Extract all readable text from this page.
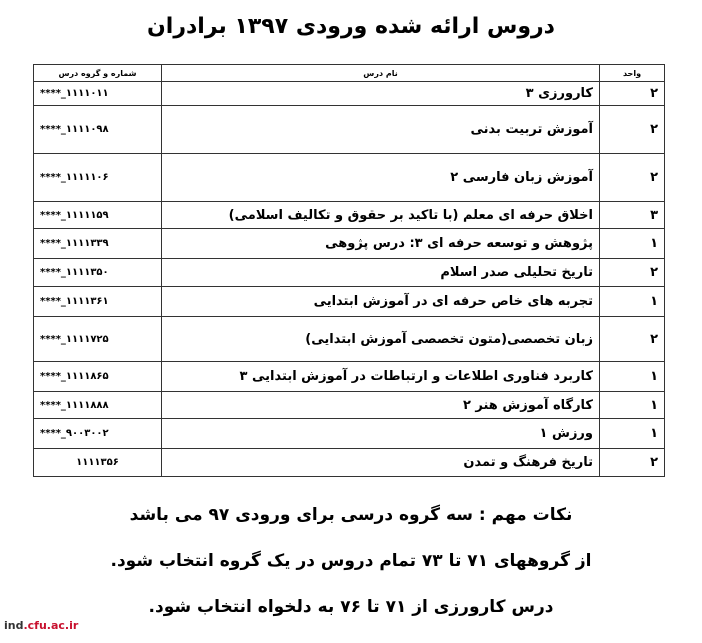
دروس ارائه شده ورودی ۱۳۹۷ برادران
واحد	نام درس	شماره و گروه درس
۲	کارورزی ۳	****_۱۱۱۱۰۱۱
۲	آموزش تربیت بدنی	****_۱۱۱۱۰۹۸
۲	آموزش زبان فارسی ۲	****_۱۱۱۱۱۰۶
۳	اخلاق حرفه ای معلم (با تاکید بر حقوق و تکالیف اسلامی)	****_۱۱۱۱۱۵۹
۱	پژوهش و توسعه حرفه ای ۳: درس پژوهی	****_۱۱۱۱۳۳۹
۲	تاریخ تحلیلی صدر اسلام	****_۱۱۱۱۳۵۰
۱	تجربه های خاص حرفه ای در آموزش ابتدایی	****_۱۱۱۱۳۶۱
۲	زبان تخصصی(متون تخصصی آموزش ابتدایی)	****_۱۱۱۱۷۲۵
۱	کاربرد فناوری اطلاعات و ارتباطات در آموزش ابتدایی ۳	****_۱۱۱۱۸۶۵
۱	کارگاه آموزش هنر ۲	****_۱۱۱۱۸۸۸
۱	ورزش ۱	****_۹۰۰۳۰۰۲
۲	تاریخ فرهنگ و تمدن	۱۱۱۱۳۵۶
نکات مهم : سه گروه درسی برای ورودی ۹۷ می باشد
از گروههای ۷۱ تا ۷۳ تمام دروس در یک گروه انتخاب شود.
درس کارورزی از ۷۱ تا ۷۶ به دلخواه انتخاب شود.
ind.cfu.ac.ir
